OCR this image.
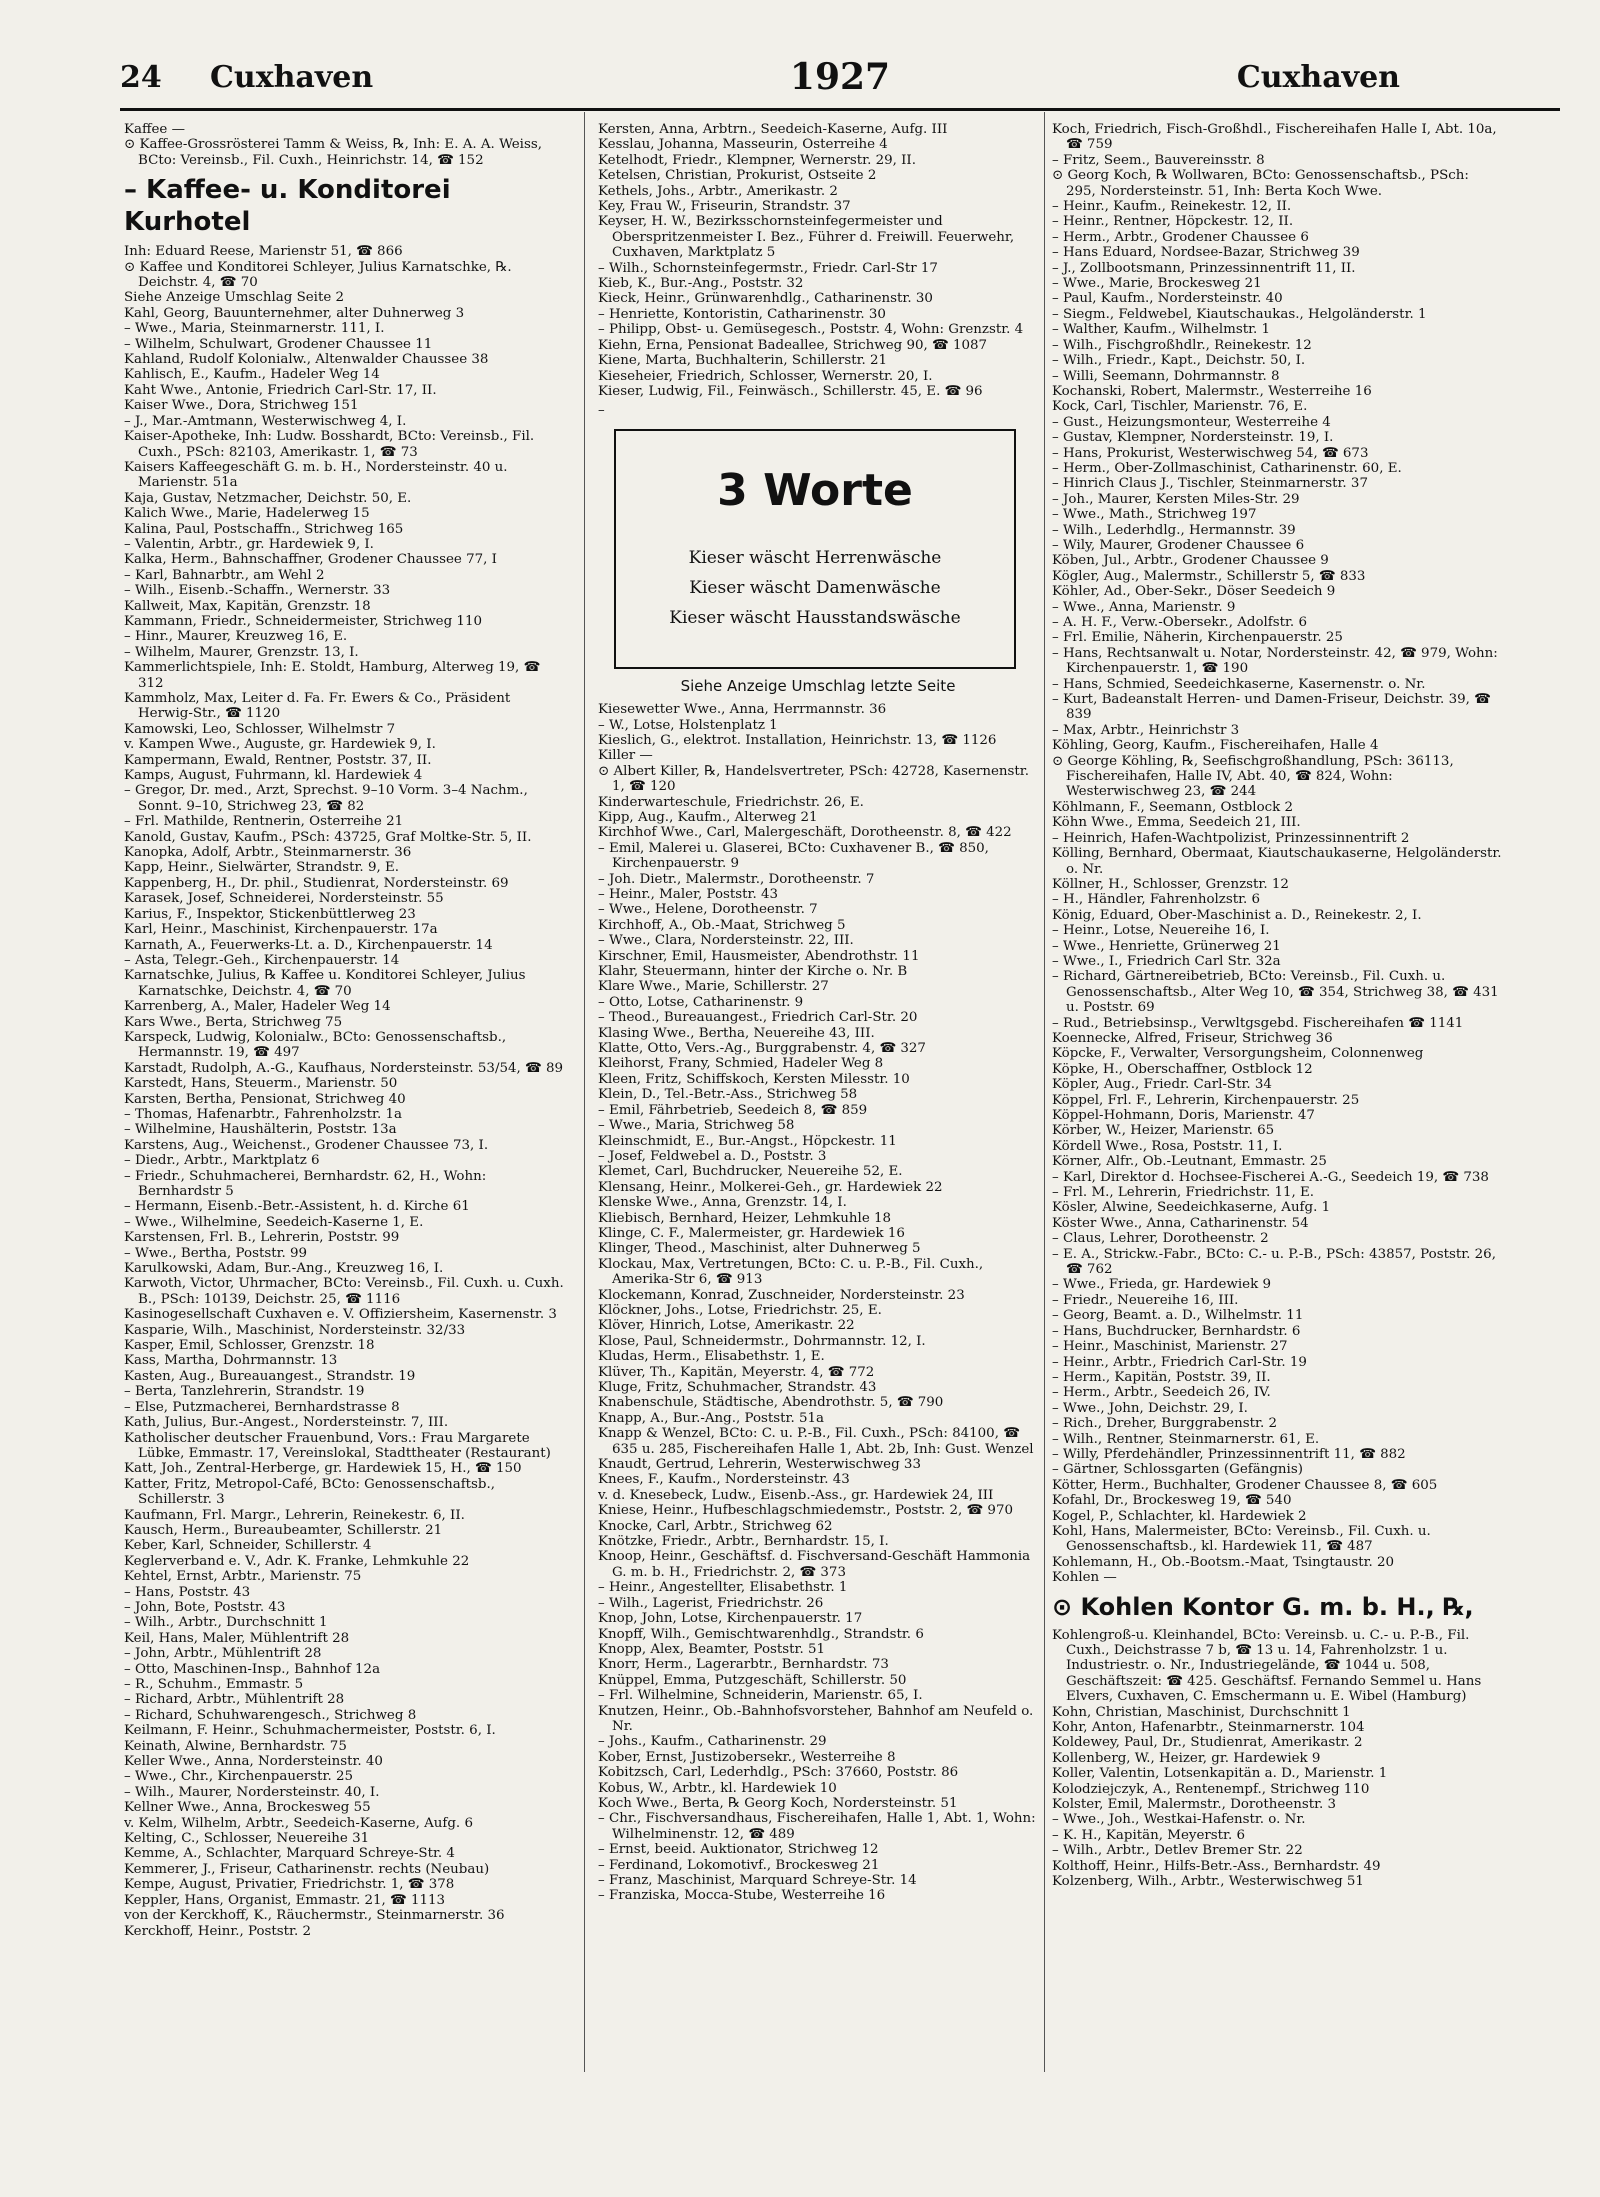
24 Cuxhaven	1927	Cuxhaven

Kaffee —

⊙ Kaffee-Grossrösterei Tamm & Weiss, ℞, Inh: E. A. A. Weiss, BCto: Vereinsb., Fil. Cuxh., Heinrichstr. 14, ☎ 152

– Kaffee- u. Konditorei Kurhotel

Inh: Eduard Reese, Marienstr 51, ☎ 866

⊙ Kaffee und Konditorei Schleyer, Julius Karnatschke, ℞. Deichstr. 4, ☎ 70

Siehe Anzeige Umschlag Seite 2

Kahl, Georg, Bauunternehmer, alter Duhnerweg 3

– Wwe., Maria, Steinmarnerstr. 111, I.

– Wilhelm, Schulwart, Grodener Chaussee 11

Kahland, Rudolf Kolonialw., Altenwalder Chaussee 38

Kahlisch, E., Kaufm., Hadeler Weg 14

Kaht Wwe., Antonie, Friedrich Carl-Str. 17, II.

Kaiser Wwe., Dora, Strichweg 151

– J., Mar.-Amtmann, Westerwischweg 4, I.

Kaiser-Apotheke, Inh: Ludw. Bosshardt, BCto: Vereinsb., Fil. Cuxh., PSch: 82103, Amerikastr. 1, ☎ 73

Kaisers Kaffeegeschäft G. m. b. H., Nordersteinstr. 40 u. Marienstr. 51a

Kaja, Gustav, Netzmacher, Deichstr. 50, E.

Kalich Wwe., Marie, Hadelerweg 15

Kalina, Paul, Postschaffn., Strichweg 165

– Valentin, Arbtr., gr. Hardewiek 9, I.

Kalka, Herm., Bahnschaffner, Grodener Chaussee 77, I

– Karl, Bahnarbtr., am Wehl 2

– Wilh., Eisenb.-Schaffn., Wernerstr. 33

Kallweit, Max, Kapitän, Grenzstr. 18

Kammann, Friedr., Schneidermeister, Strichweg 110

– Hinr., Maurer, Kreuzweg 16, E.

– Wilhelm, Maurer, Grenzstr. 13, I.

Kammerlichtspiele, Inh: E. Stoldt, Hamburg, Alterweg 19, ☎ 312

Kammholz, Max, Leiter d. Fa. Fr. Ewers & Co., Präsident Herwig-Str., ☎ 1120

Kamowski, Leo, Schlosser, Wilhelmstr 7

v. Kampen Wwe., Auguste, gr. Hardewiek 9, I.

Kampermann, Ewald, Rentner, Poststr. 37, II.

Kamps, August, Fuhrmann, kl. Hardewiek 4

– Gregor, Dr. med., Arzt, Sprechst. 9–10 Vorm. 3–4 Nachm., Sonnt. 9–10, Strichweg 23, ☎ 82

– Frl. Mathilde, Rentnerin, Osterreihe 21

Kanold, Gustav, Kaufm., PSch: 43725, Graf Moltke-Str. 5, II.

Kanopka, Adolf, Arbtr., Steinmarnerstr. 36

Kapp, Heinr., Sielwärter, Strandstr. 9, E.

Kappenberg, H., Dr. phil., Studienrat, Nordersteinstr. 69

Karasek, Josef, Schneiderei, Nordersteinstr. 55

Karius, F., Inspektor, Stickenbüttlerweg 23

Karl, Heinr., Maschinist, Kirchenpauerstr. 17a

Karnath, A., Feuerwerks-Lt. a. D., Kirchenpauerstr. 14

– Asta, Telegr.-Geh., Kirchenpauerstr. 14

Karnatschke, Julius, ℞ Kaffee u. Konditorei Schleyer, Julius Karnatschke, Deichstr. 4, ☎ 70

Karrenberg, A., Maler, Hadeler Weg 14

Kars Wwe., Berta, Strichweg 75

Karspeck, Ludwig, Kolonialw., BCto: Genossenschaftsb., Hermannstr. 19, ☎ 497

Karstadt, Rudolph, A.-G., Kaufhaus, Nordersteinstr. 53/54, ☎ 89

Karstedt, Hans, Steuerm., Marienstr. 50

Karsten, Bertha, Pensionat, Strichweg 40

– Thomas, Hafenarbtr., Fahrenholzstr. 1a

– Wilhelmine, Haushälterin, Poststr. 13a

Karstens, Aug., Weichenst., Grodener Chaussee 73, I.

– Diedr., Arbtr., Marktplatz 6

– Friedr., Schuhmacherei, Bernhardstr. 62, H., Wohn: Bernhardstr 5

– Hermann, Eisenb.-Betr.-Assistent, h. d. Kirche 61

– Wwe., Wilhelmine, Seedeich-Kaserne 1, E.

Karstensen, Frl. B., Lehrerin, Poststr. 99

– Wwe., Bertha, Poststr. 99

Karulkowski, Adam, Bur.-Ang., Kreuzweg 16, I.

Karwoth, Victor, Uhrmacher, BCto: Vereinsb., Fil. Cuxh. u. Cuxh. B., PSch: 10139, Deichstr. 25, ☎ 1116

Kasinogesellschaft Cuxhaven e. V. Offiziersheim, Kasernenstr. 3

Kasparie, Wilh., Maschinist, Nordersteinstr. 32/33

Kasper, Emil, Schlosser, Grenzstr. 18

Kass, Martha, Dohrmannstr. 13

Kasten, Aug., Bureauangest., Strandstr. 19

– Berta, Tanzlehrerin, Strandstr. 19

– Else, Putzmacherei, Bernhardstrasse 8

Kath, Julius, Bur.-Angest., Nordersteinstr. 7, III.

Katholischer deutscher Frauenbund, Vors.: Frau Margarete Lübke, Emmastr. 17, Vereinslokal, Stadttheater (Restaurant)

Katt, Joh., Zentral-Herberge, gr. Hardewiek 15, H., ☎ 150

Katter, Fritz, Metropol-Café, BCto: Genossenschaftsb., Schillerstr. 3

Kaufmann, Frl. Margr., Lehrerin, Reinekestr. 6, II.

Kausch, Herm., Bureaubeamter, Schillerstr. 21

Keber, Karl, Schneider, Schillerstr. 4

Keglerverband e. V., Adr. K. Franke, Lehmkuhle 22

Kehtel, Ernst, Arbtr., Marienstr. 75

– Hans, Poststr. 43

– John, Bote, Poststr. 43

– Wilh., Arbtr., Durchschnitt 1

Keil, Hans, Maler, Mühlentrift 28

– John, Arbtr., Mühlentrift 28

– Otto, Maschinen-Insp., Bahnhof 12a

– R., Schuhm., Emmastr. 5

– Richard, Arbtr., Mühlentrift 28

– Richard, Schuhwarengesch., Strichweg 8

Keilmann, F. Heinr., Schuhmachermeister, Poststr. 6, I.

Keinath, Alwine, Bernhardstr. 75

Keller Wwe., Anna, Nordersteinstr. 40

– Wwe., Chr., Kirchenpauerstr. 25

– Wilh., Maurer, Nordersteinstr. 40, I.

Kellner Wwe., Anna, Brockesweg 55

v. Kelm, Wilhelm, Arbtr., Seedeich-Kaserne, Aufg. 6

Kelting, C., Schlosser, Neuereihe 31

Kemme, A., Schlachter, Marquard Schreye-Str. 4

Kemmerer, J., Friseur, Catharinenstr. rechts (Neubau)

Kempe, August, Privatier, Friedrichstr. 1, ☎ 378

Keppler, Hans, Organist, Emmastr. 21, ☎ 1113

von der Kerckhoff, K., Räuchermstr., Steinmarnerstr. 36

Kerckhoff, Heinr., Poststr. 2

Kersten, Anna, Arbtrn., Seedeich-Kaserne, Aufg. III

Kesslau, Johanna, Masseurin, Osterreihe 4

Ketelhodt, Friedr., Klempner, Wernerstr. 29, II.

Ketelsen, Christian, Prokurist, Ostseite 2

Kethels, Johs., Arbtr., Amerikastr. 2

Key, Frau W., Friseurin, Strandstr. 37

Keyser, H. W., Bezirksschornsteinfegermeister und Oberspritzenmeister I. Bez., Führer d. Freiwill. Feuerwehr, Cuxhaven, Marktplatz 5

– Wilh., Schornsteinfegermstr., Friedr. Carl-Str 17

Kieb, K., Bur.-Ang., Poststr. 32

Kieck, Heinr., Grünwarenhdlg., Catharinenstr. 30

– Henriette, Kontoristin, Catharinenstr. 30

– Philipp, Obst- u. Gemüsegesch., Poststr. 4, Wohn: Grenzstr. 4

Kiehn, Erna, Pensionat Badeallee, Strichweg 90, ☎ 1087

Kiene, Marta, Buchhalterin, Schillerstr. 21

Kieseheier, Friedrich, Schlosser, Wernerstr. 20, I.

Kieser, Ludwig, Fil., Feinwäsch., Schillerstr. 45, E. ☎ 96

–
3 Worte
Kieser wäscht Herrenwäsche
Kieser wäscht Damenwäsche
Kieser wäscht Hausstandswäsche
Siehe Anzeige Umschlag letzte Seite

Kiesewetter Wwe., Anna, Herrmannstr. 36

– W., Lotse, Holstenplatz 1

Kieslich, G., elektrot. Installation, Heinrichstr. 13, ☎ 1126

Killer —

⊙ Albert Killer, ℞, Handelsvertreter, PSch: 42728, Kasernenstr. 1, ☎ 120

Kinderwarteschule, Friedrichstr. 26, E.

Kipp, Aug., Kaufm., Alterweg 21

Kirchhof Wwe., Carl, Malergeschäft, Dorotheenstr. 8, ☎ 422

– Emil, Malerei u. Glaserei, BCto: Cuxhavener B., ☎ 850, Kirchenpauerstr. 9

– Joh. Dietr., Malermstr., Dorotheenstr. 7

– Heinr., Maler, Poststr. 43

– Wwe., Helene, Dorotheenstr. 7

Kirchhoff, A., Ob.-Maat, Strichweg 5

– Wwe., Clara, Nordersteinstr. 22, III.

Kirschner, Emil, Hausmeister, Abendrothstr. 11

Klahr, Steuermann, hinter der Kirche o. Nr. B

Klare Wwe., Marie, Schillerstr. 27

– Otto, Lotse, Catharinenstr. 9

– Theod., Bureauangest., Friedrich Carl-Str. 20

Klasing Wwe., Bertha, Neuereihe 43, III.

Klatte, Otto, Vers.-Ag., Burggrabenstr. 4, ☎ 327

Kleihorst, Frany, Schmied, Hadeler Weg 8

Kleen, Fritz, Schiffskoch, Kersten Milesstr. 10

Klein, D., Tel.-Betr.-Ass., Strichweg 58

– Emil, Fährbetrieb, Seedeich 8, ☎ 859

– Wwe., Maria, Strichweg 58

Kleinschmidt, E., Bur.-Angst., Höpckestr. 11

– Josef, Feldwebel a. D., Poststr. 3

Klemet, Carl, Buchdrucker, Neuereihe 52, E.

Klensang, Heinr., Molkerei-Geh., gr. Hardewiek 22

Klenske Wwe., Anna, Grenzstr. 14, I.

Kliebisch, Bernhard, Heizer, Lehmkuhle 18

Klinge, C. F., Malermeister, gr. Hardewiek 16

Klinger, Theod., Maschinist, alter Duhnerweg 5

Klockau, Max, Vertretungen, BCto: C. u. P.-B., Fil. Cuxh., Amerika-Str 6, ☎ 913

Klockemann, Konrad, Zuschneider, Nordersteinstr. 23

Klöckner, Johs., Lotse, Friedrichstr. 25, E.

Klöver, Hinrich, Lotse, Amerikastr. 22

Klose, Paul, Schneidermstr., Dohrmannstr. 12, I.

Kludas, Herm., Elisabethstr. 1, E.

Klüver, Th., Kapitän, Meyerstr. 4, ☎ 772

Kluge, Fritz, Schuhmacher, Strandstr. 43

Knabenschule, Städtische, Abendrothstr. 5, ☎ 790

Knapp, A., Bur.-Ang., Poststr. 51a

Knapp & Wenzel, BCto: C. u. P.-B., Fil. Cuxh., PSch: 84100, ☎ 635 u. 285, Fischereihafen Halle 1, Abt. 2b, Inh: Gust. Wenzel

Knaudt, Gertrud, Lehrerin, Westerwischweg 33

Knees, F., Kaufm., Nordersteinstr. 43

v. d. Knesebeck, Ludw., Eisenb.-Ass., gr. Hardewiek 24, III

Kniese, Heinr., Hufbeschlagschmiedemstr., Poststr. 2, ☎ 970

Knocke, Carl, Arbtr., Strichweg 62

Knötzke, Friedr., Arbtr., Bernhardstr. 15, I.

Knoop, Heinr., Geschäftsf. d. Fischversand-Geschäft Hammonia G. m. b. H., Friedrichstr. 2, ☎ 373

– Heinr., Angestellter, Elisabethstr. 1

– Wilh., Lagerist, Friedrichstr. 26

Knop, John, Lotse, Kirchenpauerstr. 17

Knopff, Wilh., Gemischtwarenhdlg., Strandstr. 6

Knopp, Alex, Beamter, Poststr. 51

Knorr, Herm., Lagerarbtr., Bernhardstr. 73

Knüppel, Emma, Putzgeschäft, Schillerstr. 50

– Frl. Wilhelmine, Schneiderin, Marienstr. 65, I.

Knutzen, Heinr., Ob.-Bahnhofsvorsteher, Bahnhof am Neufeld o. Nr.

– Johs., Kaufm., Catharinenstr. 29

Kober, Ernst, Justizobersekr., Westerreihe 8

Kobitzsch, Carl, Lederhdlg., PSch: 37660, Poststr. 86

Kobus, W., Arbtr., kl. Hardewiek 10

Koch Wwe., Berta, ℞ Georg Koch, Nordersteinstr. 51

– Chr., Fischversandhaus, Fischereihafen, Halle 1, Abt. 1, Wohn: Wilhelminenstr. 12, ☎ 489

– Ernst, beeid. Auktionator, Strichweg 12

– Ferdinand, Lokomotivf., Brockesweg 21

– Franz, Maschinist, Marquard Schreye-Str. 14

– Franziska, Mocca-Stube, Westerreihe 16

Koch, Friedrich, Fisch-Großhdl., Fischereihafen Halle I, Abt. 10a, ☎ 759

– Fritz, Seem., Bauvereinsstr. 8

⊙ Georg Koch, ℞ Wollwaren, BCto: Genossenschaftsb., PSch: 295, Nordersteinstr. 51, Inh: Berta Koch Wwe.

– Heinr., Kaufm., Reinekestr. 12, II.

– Heinr., Rentner, Höpckestr. 12, II.

– Herm., Arbtr., Grodener Chaussee 6

– Hans Eduard, Nordsee-Bazar, Strichweg 39

– J., Zollbootsmann, Prinzessinnentrift 11, II.

– Wwe., Marie, Brockesweg 21

– Paul, Kaufm., Nordersteinstr. 40

– Siegm., Feldwebel, Kiautschaukas., Helgoländerstr. 1

– Walther, Kaufm., Wilhelmstr. 1

– Wilh., Fischgroßhdlr., Reinekestr. 12

– Wilh., Friedr., Kapt., Deichstr. 50, I.

– Willi, Seemann, Dohrmannstr. 8

Kochanski, Robert, Malermstr., Westerreihe 16

Kock, Carl, Tischler, Marienstr. 76, E.

– Gust., Heizungsmonteur, Westerreihe 4

– Gustav, Klempner, Nordersteinstr. 19, I.

– Hans, Prokurist, Westerwischweg 54, ☎ 673

– Herm., Ober-Zollmaschinist, Catharinenstr. 60, E.

– Hinrich Claus J., Tischler, Steinmarnerstr. 37

– Joh., Maurer, Kersten Miles-Str. 29

– Wwe., Math., Strichweg 197

– Wilh., Lederhdlg., Hermannstr. 39

– Wily, Maurer, Grodener Chaussee 6

Köben, Jul., Arbtr., Grodener Chaussee 9

Kögler, Aug., Malermstr., Schillerstr 5, ☎ 833

Köhler, Ad., Ober-Sekr., Döser Seedeich 9

– Wwe., Anna, Marienstr. 9

– A. H. F., Verw.-Obersekr., Adolfstr. 6

– Frl. Emilie, Näherin, Kirchenpauerstr. 25

– Hans, Rechtsanwalt u. Notar, Nordersteinstr. 42, ☎ 979, Wohn: Kirchenpauerstr. 1, ☎ 190

– Hans, Schmied, Seedeichkaserne, Kasernenstr. o. Nr.

– Kurt, Badeanstalt Herren- und Damen-Friseur, Deichstr. 39, ☎ 839

– Max, Arbtr., Heinrichstr 3

Köhling, Georg, Kaufm., Fischereihafen, Halle 4

⊙ George Köhling, ℞, Seefischgroßhandlung, PSch: 36113, Fischereihafen, Halle IV, Abt. 40, ☎ 824, Wohn: Westerwischweg 23, ☎ 244

Köhlmann, F., Seemann, Ostblock 2

Köhn Wwe., Emma, Seedeich 21, III.

– Heinrich, Hafen-Wachtpolizist, Prinzessinnentrift 2

Kölling, Bernhard, Obermaat, Kiautschaukaserne, Helgoländerstr. o. Nr.

Köllner, H., Schlosser, Grenzstr. 12

– H., Händler, Fahrenholzstr. 6

König, Eduard, Ober-Maschinist a. D., Reinekestr. 2, I.

– Heinr., Lotse, Neuereihe 16, I.

– Wwe., Henriette, Grünerweg 21

– Wwe., I., Friedrich Carl Str. 32a

– Richard, Gärtnereibetrieb, BCto: Vereinsb., Fil. Cuxh. u. Genossenschaftsb., Alter Weg 10, ☎ 354, Strichweg 38, ☎ 431 u. Poststr. 69

– Rud., Betriebsinsp., Verwltgsgebd. Fischereihafen ☎ 1141

Koennecke, Alfred, Friseur, Strichweg 36

Köpcke, F., Verwalter, Versorgungsheim, Colonnenweg

Köpke, H., Oberschaffner, Ostblock 12

Köpler, Aug., Friedr. Carl-Str. 34

Köppel, Frl. F., Lehrerin, Kirchenpauerstr. 25

Köppel-Hohmann, Doris, Marienstr. 47

Körber, W., Heizer, Marienstr. 65

Kördell Wwe., Rosa, Poststr. 11, I.

Körner, Alfr., Ob.-Leutnant, Emmastr. 25

– Karl, Direktor d. Hochsee-Fischerei A.-G., Seedeich 19, ☎ 738

– Frl. M., Lehrerin, Friedrichstr. 11, E.

Kösler, Alwine, Seedeichkaserne, Aufg. 1

Köster Wwe., Anna, Catharinenstr. 54

– Claus, Lehrer, Dorotheenstr. 2

– E. A., Strickw.-Fabr., BCto: C.- u. P.-B., PSch: 43857, Poststr. 26, ☎ 762

– Wwe., Frieda, gr. Hardewiek 9

– Friedr., Neuereihe 16, III.

– Georg, Beamt. a. D., Wilhelmstr. 11

– Hans, Buchdrucker, Bernhardstr. 6

– Heinr., Maschinist, Marienstr. 27

– Heinr., Arbtr., Friedrich Carl-Str. 19

– Herm., Kapitän, Poststr. 39, II.

– Herm., Arbtr., Seedeich 26, IV.

– Wwe., John, Deichstr. 29, I.

– Rich., Dreher, Burggrabenstr. 2

– Wilh., Rentner, Steinmarnerstr. 61, E.

– Willy, Pferdehändler, Prinzessinnentrift 11, ☎ 882

– Gärtner, Schlossgarten (Gefängnis)

Kötter, Herm., Buchhalter, Grodener Chaussee 8, ☎ 605

Kofahl, Dr., Brockesweg 19, ☎ 540

Kogel, P., Schlachter, kl. Hardewiek 2

Kohl, Hans, Malermeister, BCto: Vereinsb., Fil. Cuxh. u. Genossenschaftsb., kl. Hardewiek 11, ☎ 487

Kohlemann, H., Ob.-Bootsm.-Maat, Tsingtaustr. 20

Kohlen —

⊙ Kohlen Kontor G. m. b. H., ℞,

Kohlengroß-u. Kleinhandel, BCto: Vereinsb. u. C.- u. P.-B., Fil. Cuxh., Deichstrasse 7 b, ☎ 13 u. 14, Fahrenholzstr. 1 u. Industriestr. o. Nr., Industriegelände, ☎ 1044 u. 508, Geschäftszeit: ☎ 425. Geschäftsf. Fernando Semmel u. Hans Elvers, Cuxhaven, C. Emschermann u. E. Wibel (Hamburg)

Kohn, Christian, Maschinist, Durchschnitt 1

Kohr, Anton, Hafenarbtr., Steinmarnerstr. 104

Koldewey, Paul, Dr., Studienrat, Amerikastr. 2

Kollenberg, W., Heizer, gr. Hardewiek 9

Koller, Valentin, Lotsenkapitän a. D., Marienstr. 1

Kolodziejczyk, A., Rentenempf., Strichweg 110

Kolster, Emil, Malermstr., Dorotheenstr. 3

– Wwe., Joh., Westkai-Hafenstr. o. Nr.

– K. H., Kapitän, Meyerstr. 6

– Wilh., Arbtr., Detlev Bremer Str. 22

Kolthoff, Heinr., Hilfs-Betr.-Ass., Bernhardstr. 49

Kolzenberg, Wilh., Arbtr., Westerwischweg 51
